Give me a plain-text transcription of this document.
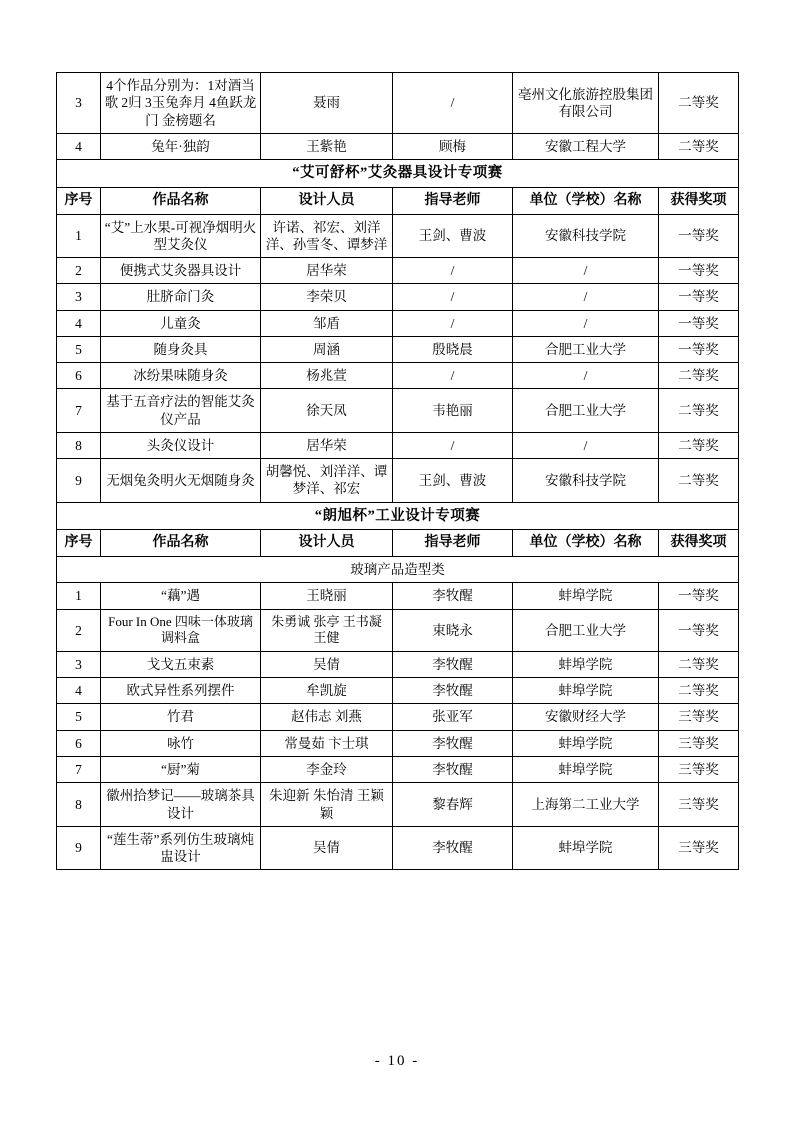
3	4个作品分别为：1对酒当歌 2归 3玉兔奔月 4鱼跃龙门 金榜题名	聂雨	/	亳州文化旅游控股集团有限公司	二等奖
4	兔年·独韵	王紫艳	顾梅	安徽工程大学	二等奖
“艾可舒杯”艾灸器具设计专项赛					
序号	作品名称	设计人员	指导老师	单位（学校）名称	获得奖项
1	“艾”上水果-可视净烟明火型艾灸仪	许诺、祁宏、刘洋洋、孙雪冬、谭梦洋	王剑、曹波	安徽科技学院	一等奖
2	便携式艾灸器具设计	居华荣	/	/	一等奖
3	肚脐命门灸	李荣贝	/	/	一等奖
4	儿童灸	邹盾	/	/	一等奖
5	随身灸具	周涵	殷晓晨	合肥工业大学	一等奖
6	冰纷果味随身灸	杨兆萱	/	/	二等奖
7	基于五音疗法的智能艾灸仪产品	徐天凤	韦艳丽	合肥工业大学	二等奖
8	头灸仪设计	居华荣	/	/	二等奖
9	无烟兔灸明火无烟随身灸	胡馨悦、刘洋洋、谭梦洋、祁宏	王剑、曹波	安徽科技学院	二等奖
“朗旭杯”工业设计专项赛					
序号	作品名称	设计人员	指导老师	单位（学校）名称	获得奖项
玻璃产品造型类					
1	“藕”遇	王晓丽	李牧醒	蚌埠学院	一等奖
2	Four In One 四味一体玻璃调料盒	朱勇诚 张亭 王书凝 王健	束晓永	合肥工业大学	一等奖
3	戈戈五束素	吴倩	李牧醒	蚌埠学院	二等奖
4	欧式异性系列摆件	牟凯旋	李牧醒	蚌埠学院	二等奖
5	竹君	赵伟志 刘燕	张亚军	安徽财经大学	三等奖
6	咏竹	常曼茹 卞士琪	李牧醒	蚌埠学院	三等奖
7	“厨”菊	李金玲	李牧醒	蚌埠学院	三等奖
8	徽州拾梦记——玻璃茶具设计	朱迎新 朱怡清 王颖颖	黎春辉	上海第二工业大学	三等奖
9	“莲生蒂”系列仿生玻璃炖盅设计	吴倩	李牧醒	蚌埠学院	三等奖
- 10 -
